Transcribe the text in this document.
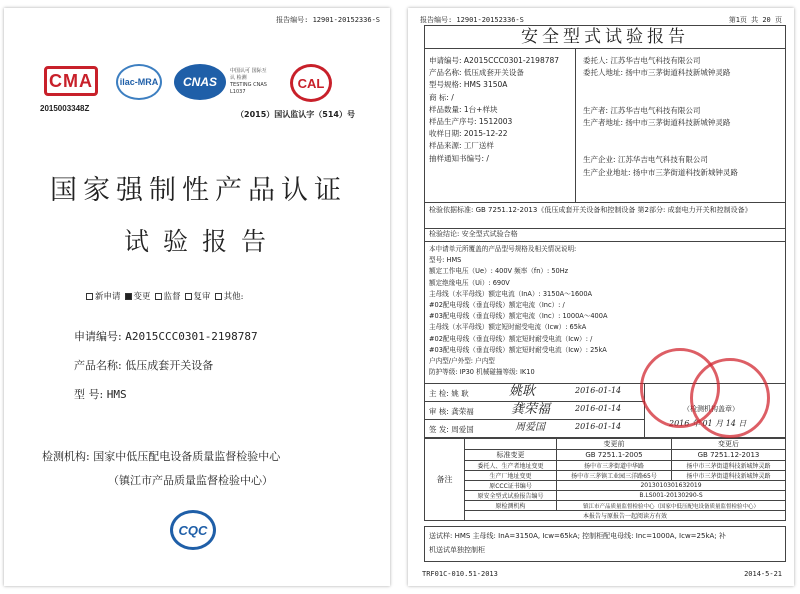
报告编号: 12901-20152336-S
CMA
2015003348Z
ilac-MRA CNAS
中国认可 国际互认 检测
TESTING CNAS L1037
CAL
（2015）国认监认字（514）号
国家强制性产品认证
试验报告
新申请	变更	监督	复审	其他:
申请编号: A2015CCC0301-2198787
产品名称: 低压成套开关设备
型 号: HMS
检测机构: 国家中低压配电设备质量监督检验中心
（镇江市产品质量监督检验中心）
CQC
报告编号: 12901-20152336-S	第1页 共 20 页
安全型式试验报告
申请编号: A2015CCC0301-2198787
产品名称: 低压成套开关设备
型号规格: HMS 3150A
商 标: /
样品数量: 1台+样块
样品生产序号: 1512003
收样日期: 2015-12-22
样品来源: 工厂送样
抽样通知书编号: /
委托人: 江苏华吉电气科技有限公司
委托人地址: 扬中市三茅街道科技新城钟灵路

生产者: 江苏华吉电气科技有限公司
生产者地址: 扬中市三茅街道科技新城钟灵路

生产企业: 江苏华吉电气科技有限公司
生产企业地址: 扬中市三茅街道科技新城钟灵路
检验依据标准: GB 7251.12-2013《低压成套开关设备和控制设备 第2部分: 成套电力开关和控制设备》
检验结论: 安全型式试验合格
本申请单元所覆盖的产品型号规格及相关情况说明:
型号: HMS
额定工作电压（Ue）: 400V 频率（fn）: 50Hz
额定绝缘电压（Ui）: 690V
主母线（水平母线）额定电流（InA）: 3150A～1600A
#02配电母线（垂直母线）额定电流（Inc）: /
#03配电母线（垂直母线）额定电流（Inc）: 1000A～400A
主母线（水平母线）额定短时耐受电流（Icw）: 65kA
#02配电母线（垂直母线）额定短时耐受电流（Icw）: /
#03配电母线（垂直母线）额定短时耐受电流（Icw）: 25kA
户内型/户外型: 户内型
防护等级: IP30 机械碰撞等级: IK10
主 检: 姚 耿	姚耿	2016-01-14
审 核: 龚荣福	龚荣福	2016-01-14
签 发: 周爱国	周爱国	2016-01-14
（检测机构盖章）
2016 年 01 月 14 日
备注		变更前	变更后
	标准变更	GB 7251.1-2005	GB 7251.12-2013
	委托人、生产者地址变更	扬中市三茅街道中华路	扬中市三茅街道科技新城钟灵路
	生产厂地址变更	扬中市三茅镇工业园三洋路65号	扬中市三茅街道科技新城钟灵路
	原CCC证书编号	2013010301632019	
	原安全型式试验报告编号	B.LS001-20130290-S	
	原检测机构	镇江市产品质量监督检验中心（国家中低压配电设备质量监督检验中心）	
	本报告与原报告一起阅读方有效		
送试样: HMS 主母线: InA=3150A, Icw=65kA; 控制柜配电母线: Inc=1000A, Icw=25kA; 补
机送试单独控制柜
TRF01C-010.51-2013	2014-5-21
